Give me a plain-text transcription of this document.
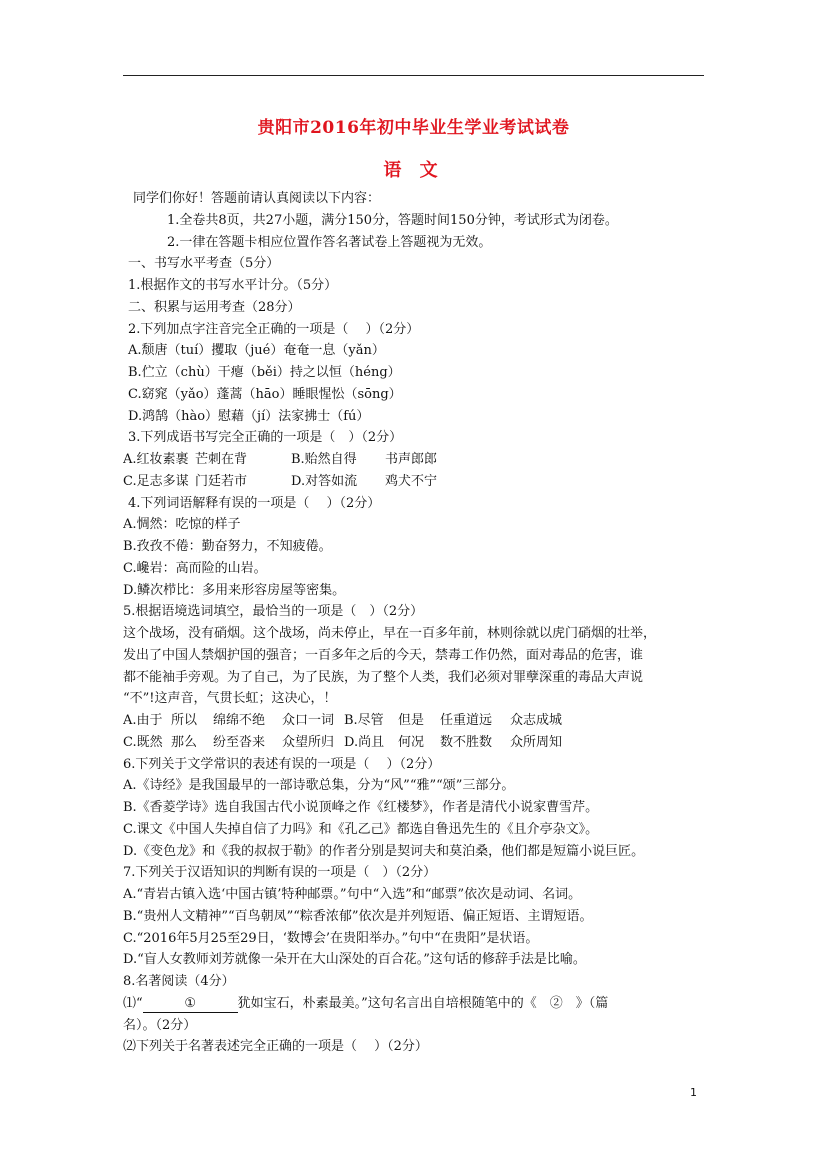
贵阳市2016年初中毕业生学业考试试卷
语 文
同学们你好！答题前请认真阅读以下内容：
1.全卷共8页，共27小题，满分150分，答题时间150分钟，考试形式为闭卷。
2.一律在答题卡相应位置作答名著试卷上答题视为无效。
一、书写水平考查（5分）
1.根据作文的书写水平计分。（5分）
二、积累与运用考查（28分）
2.下列加点字注音完全正确的一项是（　 ）（2分）
A.颓唐（tuí）攫取（jué）奄奄一息（yǎn）
B.伫立（chù）干瘪（běi）持之以恒（héng）
C.窈窕（yǎo）蓬蒿（hāo）睡眼惺忪（sōng）
D.鸿鹄（hào）慰藉（jí）法家拂士（fú）
3.下列成语书写完全正确的一项是（　）（2分）
A.红妆素裹 芒刺在背	B.贻然自得	书声郎郎
C.足志多谋 门廷若市	D.对答如流	鸡犬不宁
4.下列词语解释有误的一项是（　 ）（2分）
A.惆然：吃惊的样子
B.孜孜不倦：勤奋努力，不知疲倦。
C.巉岩：高而险的山岩。
D.鳞次栉比：多用来形容房屋等密集。
5.根据语境选词填空，最恰当的一项是（　）（2分）
这个战场，没有硝烟。这个战场，尚未停止，早在一百多年前，林则徐就以虎门硝烟的壮举，
发出了中国人禁烟护国的强音；一百多年之后的今天，禁毒工作仍然，面对毒品的危害，谁
都不能袖手旁观。为了自己，为了民族，为了整个人类，我们必须对罪孽深重的毒品大声说
“不”!这声音，气贯长虹；这决心，！
A.由于 所以	绵绵不绝	众口一词 B.尽管	但是	任重道远	众志成城
C.既然 那么	纷至沓来	众望所归 D.尚且	何况	数不胜数	众所周知
6.下列关于文学常识的表述有误的一项是（　 ）（2分）
A.《诗经》是我国最早的一部诗歌总集，分为“风”“雅”“颂”三部分。
B.《香菱学诗》选自我国古代小说顶峰之作《红楼梦》，作者是清代小说家曹雪芹。
C.课文《中国人失掉自信了力吗》和《孔乙己》都选自鲁迅先生的《且介亭杂文》。
D.《变色龙》和《我的叔叔于勒》的作者分别是契诃夫和莫泊桑，他们都是短篇小说巨匠。
7.下列关于汉语知识的判断有误的一项是（　）（2分）
A.“青岩古镇入选‘中国古镇’特种邮票。”句中“入选”和“邮票”依次是动词、名词。
B.“贵州人文精神”“百鸟朝凤”“粽香浓郁”依次是并列短语、偏正短语、主谓短语。
C.“2016年5月25至29日，‘数博会’在贵阳举办。”句中“在贵阳”是状语。
D.“盲人女教师刘芳就像一朵开在大山深处的百合花。”这句话的修辞手法是比喻。
8.名著阅读（4分）
⑴“	①	犹如宝石，朴素最美。”这句名言出自培根随笔中的《　②　》（篇
名）。（2分）
⑵下列关于名著表述完全正确的一项是（　 ）（2分）
1
